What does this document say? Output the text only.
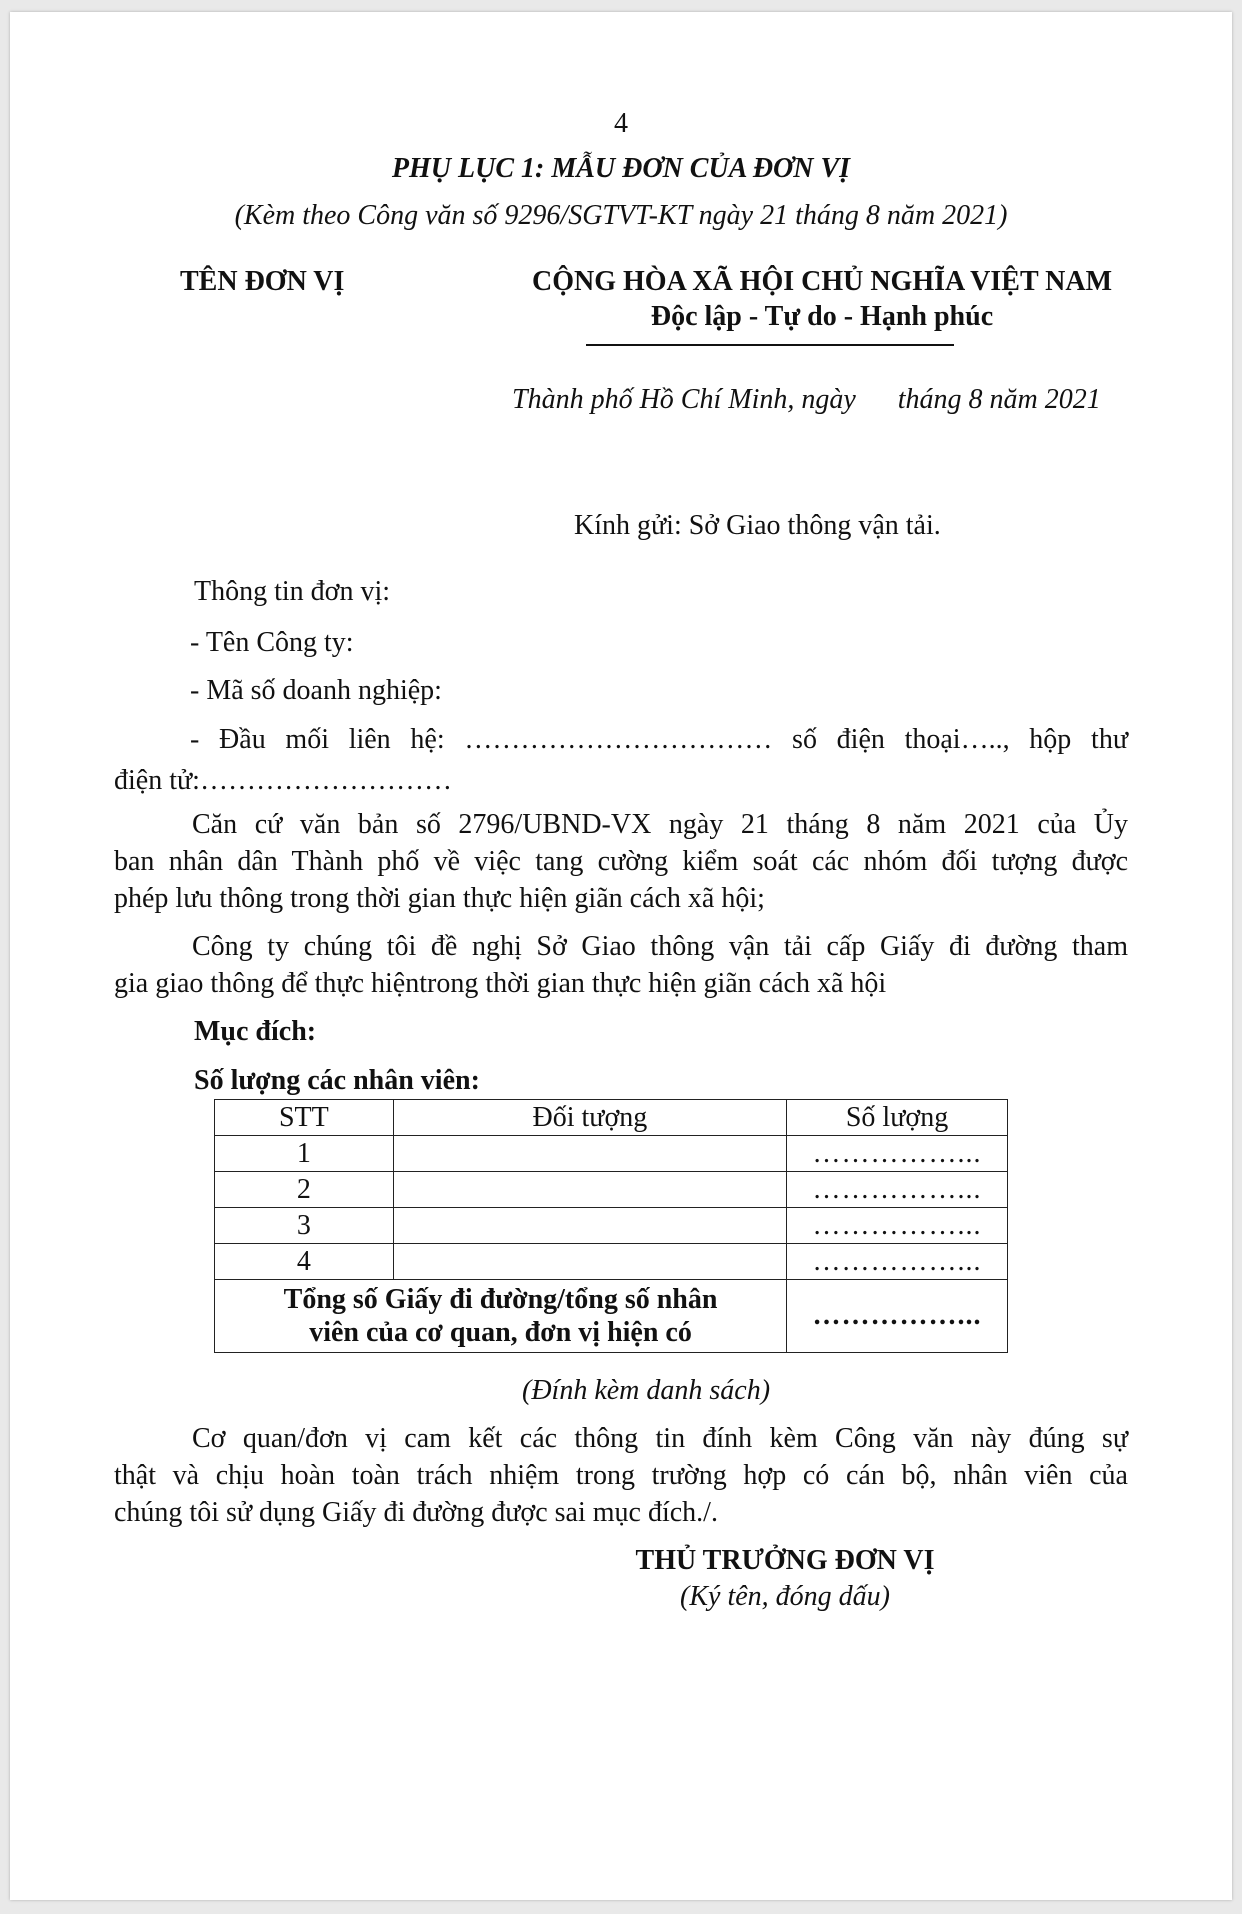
4
PHỤ LỤC 1: MẪU ĐƠN CỦA ĐƠN VỊ
(Kèm theo Công văn số 9296/SGTVT-KT ngày 21 tháng 8 năm 2021)
TÊN ĐƠN VỊ	CỘNG HÒA XÃ HỘI CHỦ NGHĨA VIỆT NAM
Độc lập - Tự do - Hạnh phúc
Thành phố Hồ Chí Minh, ngày      tháng 8 năm 2021
Kính gửi: Sở Giao thông vận tải.
Thông tin đơn vị:
- Tên Công ty:
- Mã số doanh nghiệp:
- Đầu mối liên hệ: …………………………… số điện thoại….., hộp thư
điện tử:………………………
Căn cứ văn bản số 2796/UBND-VX ngày 21 tháng 8 năm 2021 của Ủy
ban nhân dân Thành phố về việc tang cường kiểm soát các nhóm đối tượng được
phép lưu thông trong thời gian thực hiện giãn cách xã hội;
Công ty chúng tôi đề nghị Sở Giao thông vận tải cấp Giấy đi đường tham
gia giao thông để thực hiệntrong thời gian thực hiện giãn cách xã hội
Mục đích:
Số lượng các nhân viên:
STT	Đối tượng	Số lượng
1		……………...
2		……………...
3		……………...
4		……………...

Tổng số Giấy đi đường/tổng số nhân
viên của cơ quan, đơn vị hiện có		……………...
(Đính kèm danh sách)
Cơ quan/đơn vị cam kết các thông tin đính kèm Công văn này đúng sự
thật và chịu hoàn toàn trách nhiệm trong trường hợp có cán bộ, nhân viên của
chúng tôi sử dụng Giấy đi đường được sai mục đích./.
THỦ TRƯỞNG ĐƠN VỊ
(Ký tên, đóng dấu)
